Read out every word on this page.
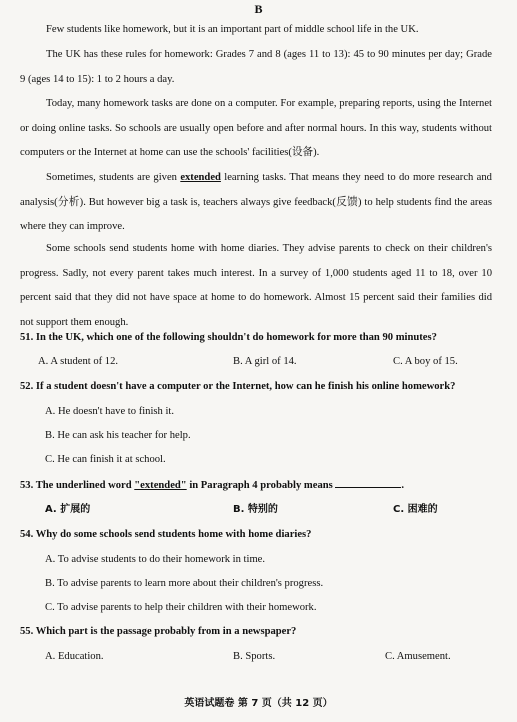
B
Few students like homework, but it is an important part of middle school life in the UK.
The UK has these rules for homework: Grades 7 and 8 (ages 11 to 13): 45 to 90 minutes per day; Grade 9 (ages 14 to 15): 1 to 2 hours a day.
Today, many homework tasks are done on a computer. For example, preparing reports, using the Internet or doing online tasks. So schools are usually open before and after normal hours. In this way, students without computers or the Internet at home can use the schools' facilities(设备).
Sometimes, students are given extended learning tasks. That means they need to do more research and analysis(分析). But however big a task is, teachers always give feedback(反馈) to help students find the areas where they can improve.
Some schools send students home with home diaries. They advise parents to check on their children's progress. Sadly, not every parent takes much interest. In a survey of 1,000 students aged 11 to 18, over 10 percent said that they did not have space at home to do homework. Almost 15 percent said their families did not support them enough.
51. In the UK, which one of the following shouldn't do homework for more than 90 minutes?
A. A student of 12.	B. A girl of 14.	C. A boy of 15.
52. If a student doesn't have a computer or the Internet, how can he finish his online homework?
A. He doesn't have to finish it.
B. He can ask his teacher for help.
C. He can finish it at school.
53. The underlined word "extended" in Paragraph 4 probably means	.
A. 扩展的	B. 特别的	C. 困难的
54. Why do some schools send students home with home diaries?
A. To advise students to do their homework in time.
B. To advise parents to learn more about their children's progress.
C. To advise parents to help their children with their homework.
55. Which part is the passage probably from in a newspaper?
A. Education.	B. Sports.	C. Amusement.
英语试题卷 第 7 页（共 12 页）
